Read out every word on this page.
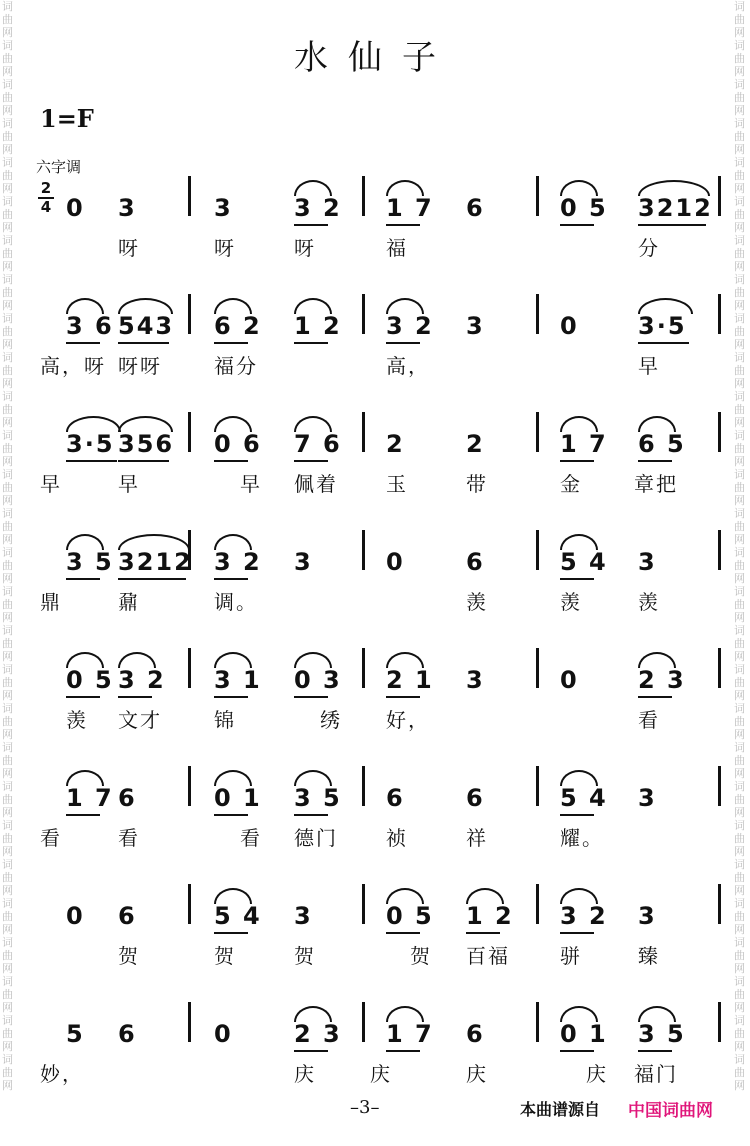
词曲网词曲网词曲网词曲网词曲网词曲网词曲网词曲网词曲网词曲网词曲网词曲网词曲网词曲网词曲网词曲网词曲网词曲网词曲网词曲网词曲网词曲网词曲网词曲网词曲网词曲网词曲网词曲网
词曲网词曲网词曲网词曲网词曲网词曲网词曲网词曲网词曲网词曲网词曲网词曲网词曲网词曲网词曲网词曲网词曲网词曲网词曲网词曲网词曲网词曲网词曲网词曲网词曲网词曲网词曲网词曲网
水仙子
1=F
六字调
2
4 0 3	3	3 2 1 7 6	0 5 3212
呀	呀	呀	福	分
3 6 543 6 2 1 2 3 2 3	0 3·5
高，呀 呀呀	福分	高，	早
3·5 356 0 6 7 6 2	2	1 7 6 5
早	早	早 佩着 玉	带	金	章把
3 5 3212 3 2 3	0	6	5 4 3
鼎	鼐	调。	羡	羡	羡
0 5 3 2 3 1 0 3 2 1 3	0 2 3
羡 文才	锦	绣 好，	看
1 7 6	0 1 3 5 6	6	5 4 3
看	看	看 德门 祯	祥	耀。
0 6	5 4 3	0 5 1 2 3 2 3
贺	贺	贺	贺 百福	骈	臻
5 6	0	2 3 1 7 6	0 1 3 5
妙，	庆	庆	庆	庆 福门
–3–	本曲谱源自 中国词曲网
